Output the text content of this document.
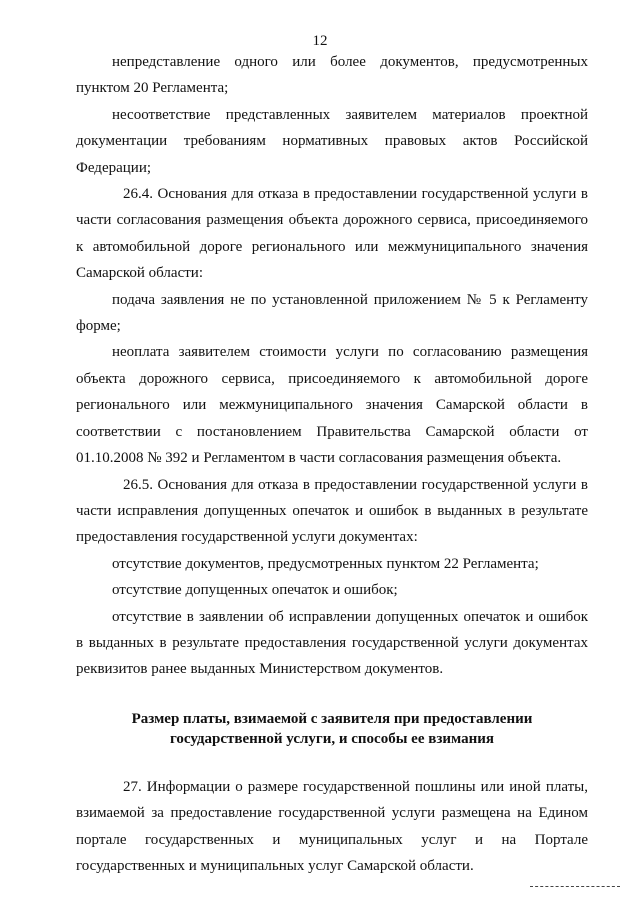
12

непредставление одного или более документов, предусмотренных пунктом 20 Регламента;

несоответствие представленных заявителем материалов проектной документации требованиям нормативных правовых актов Российской Федерации;

26.4. Основания для отказа в предоставлении государственной услуги в части согласования размещения объекта дорожного сервиса, присоединяемого к автомобильной дороге регионального или межмуниципального значения Самарской области:

подача заявления не по установленной приложением № 5 к Регламенту форме;

неоплата заявителем стоимости услуги по согласованию размещения объекта дорожного сервиса, присоединяемого к автомобильной дороге регионального или межмуниципального значения Самарской области в соответствии с постановлением Правительства Самарской области от 01.10.2008 № 392 и Регламентом в части согласования размещения объекта.

26.5. Основания для отказа в предоставлении государственной услуги в части исправления допущенных опечаток и ошибок в выданных в результате предоставления государственной услуги документах:

отсутствие документов, предусмотренных пунктом 22 Регламента;

отсутствие допущенных опечаток и ошибок;

отсутствие в заявлении об исправлении допущенных опечаток и ошибок в выданных в результате предоставления государственной услуги документах реквизитов ранее выданных Министерством документов.

Размер платы, взимаемой с заявителя при предоставлении государственной услуги, и способы ее взимания

27. Информации о размере государственной пошлины или иной платы, взимаемой за предоставление государственной услуги размещена на Едином портале государственных и муниципальных услуг и на Портале государственных и муниципальных услуг Самарской области.
